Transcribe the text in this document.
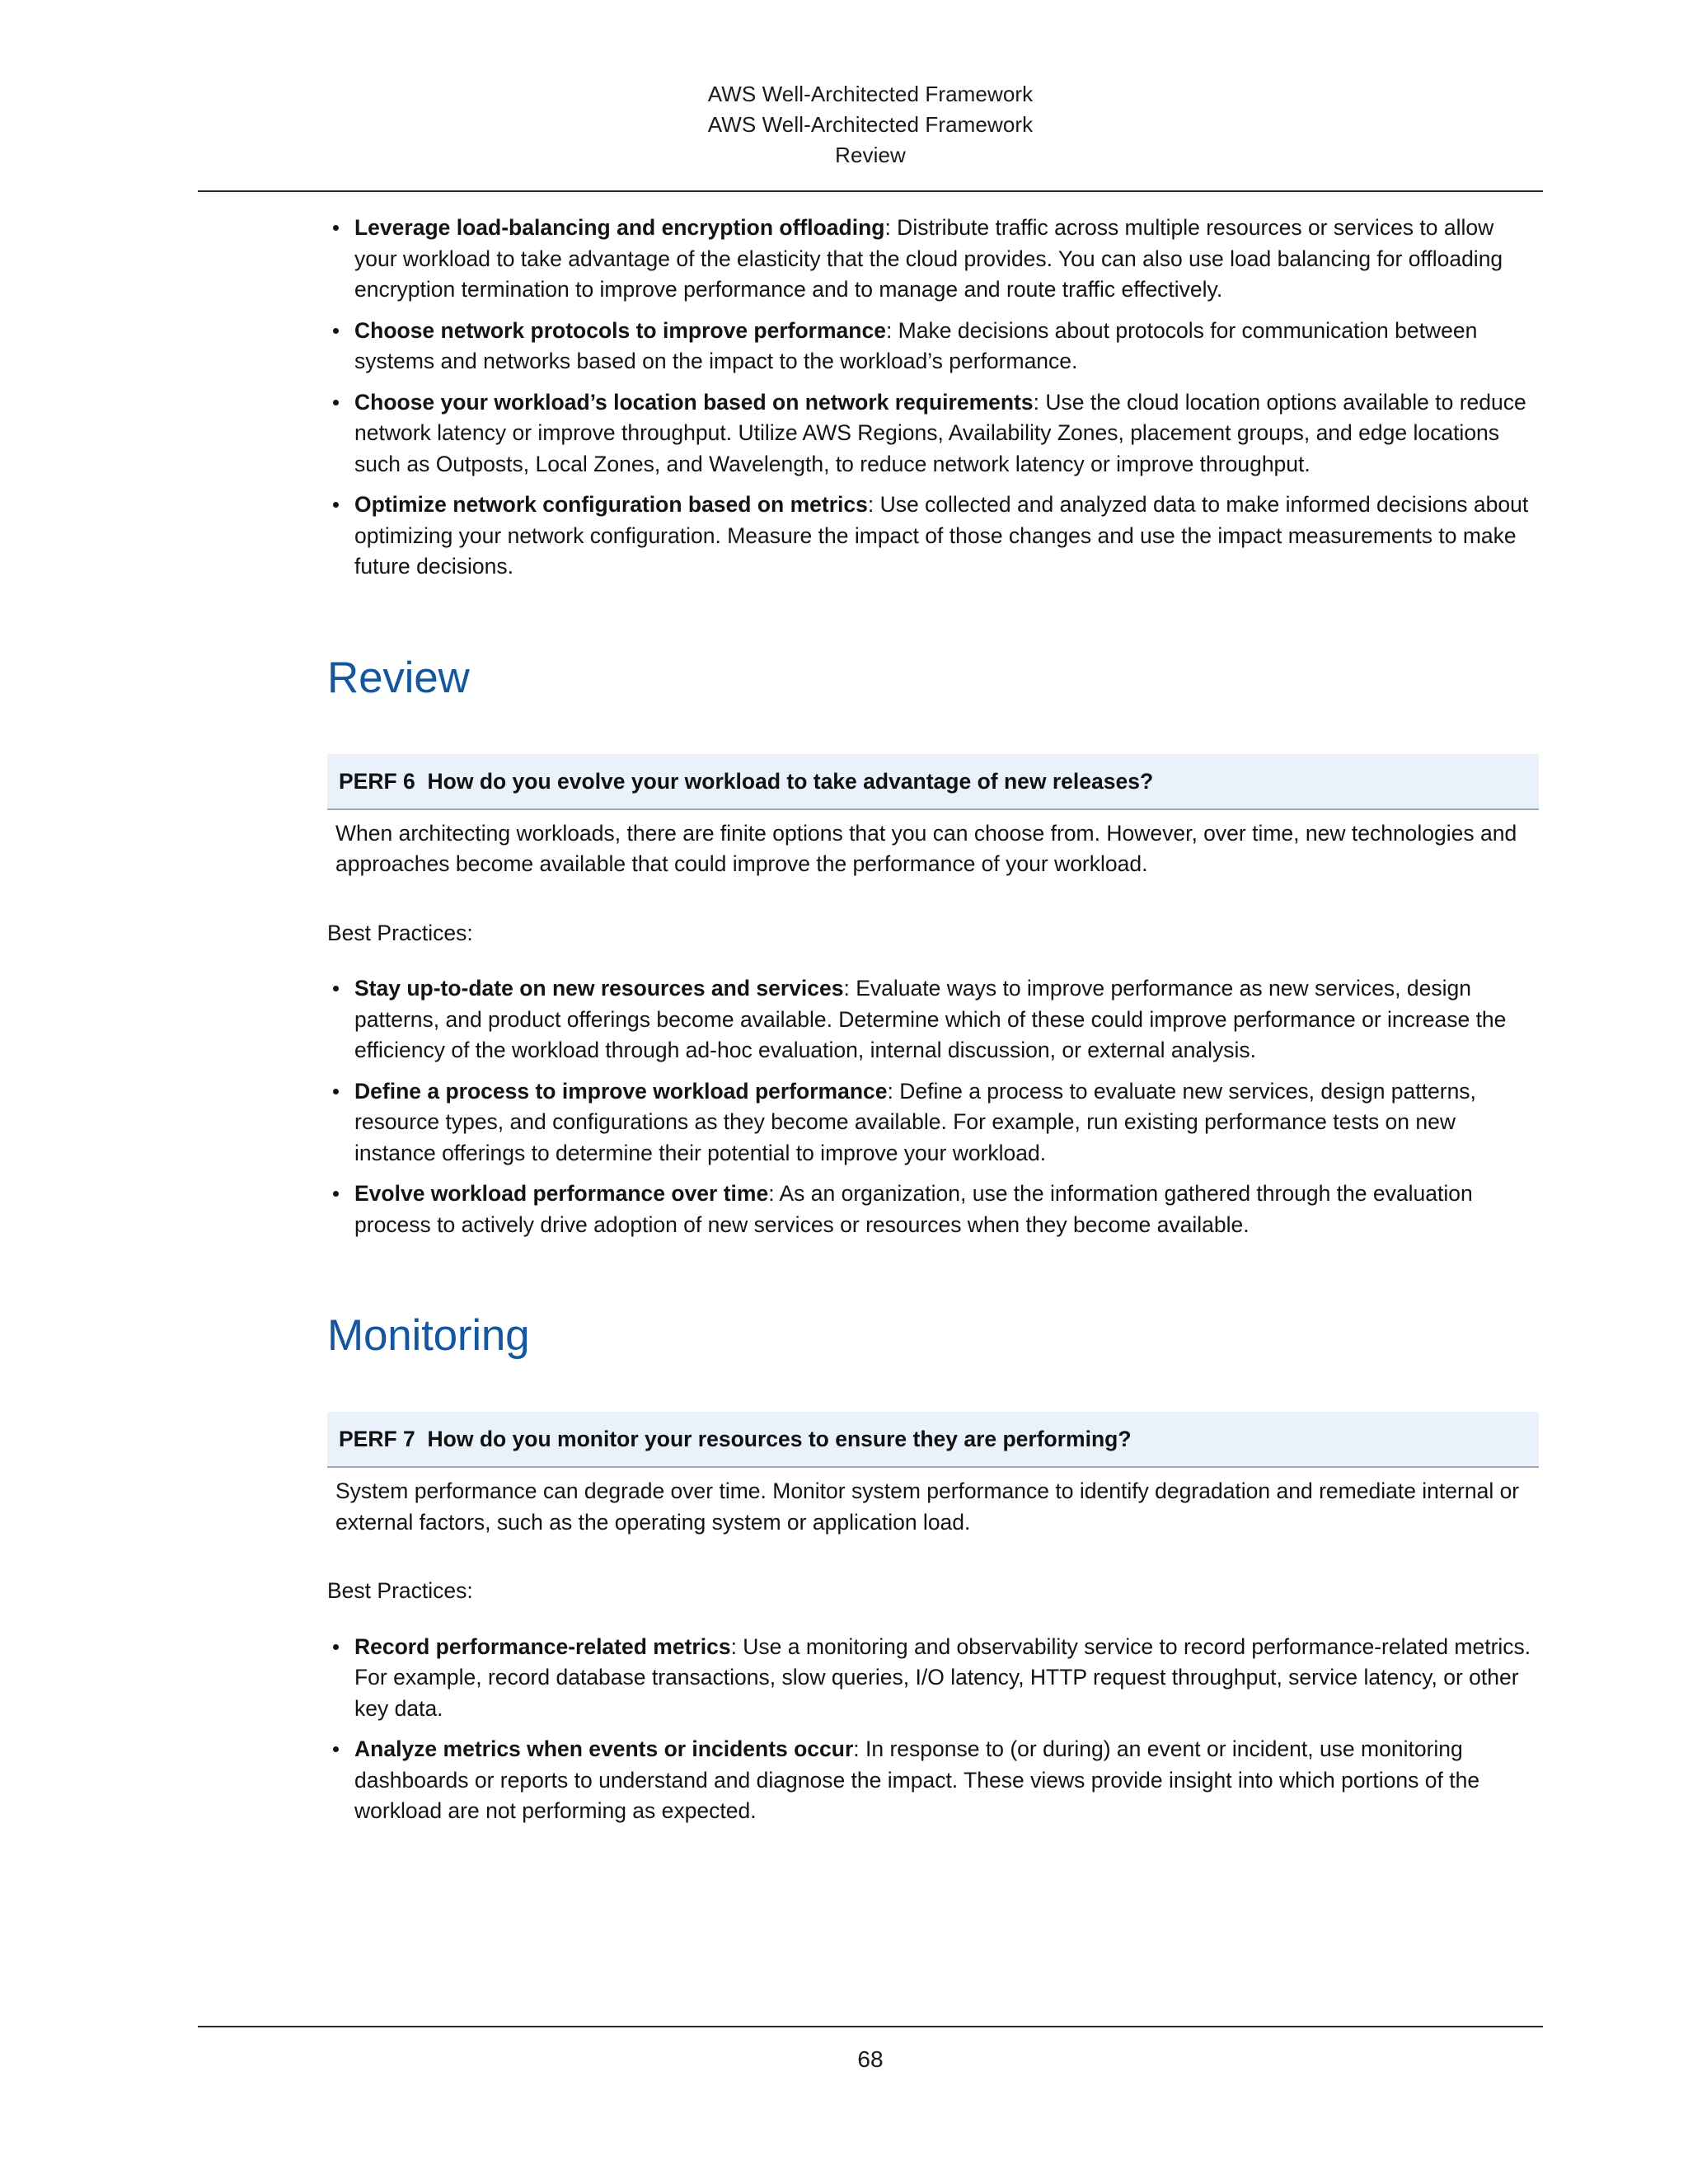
AWS Well-Architected Framework
AWS Well-Architected Framework
Review
Leverage load-balancing and encryption offloading: Distribute traffic across multiple resources or services to allow your workload to take advantage of the elasticity that the cloud provides. You can also use load balancing for offloading encryption termination to improve performance and to manage and route traffic effectively.
Choose network protocols to improve performance: Make decisions about protocols for communication between systems and networks based on the impact to the workload’s performance.
Choose your workload’s location based on network requirements: Use the cloud location options available to reduce network latency or improve throughput. Utilize AWS Regions, Availability Zones, placement groups, and edge locations such as Outposts, Local Zones, and Wavelength, to reduce network latency or improve throughput.
Optimize network configuration based on metrics: Use collected and analyzed data to make informed decisions about optimizing your network configuration. Measure the impact of those changes and use the impact measurements to make future decisions.
Review
PERF 6 How do you evolve your workload to take advantage of new releases?

When architecting workloads, there are finite options that you can choose from. However, over time, new technologies and approaches become available that could improve the performance of your workload.

Best Practices:

Stay up-to-date on new resources and services: Evaluate ways to improve performance as new services, design patterns, and product offerings become available. Determine which of these could improve performance or increase the efficiency of the workload through ad-hoc evaluation, internal discussion, or external analysis.
Define a process to improve workload performance: Define a process to evaluate new services, design patterns, resource types, and configurations as they become available. For example, run existing performance tests on new instance offerings to determine their potential to improve your workload.
Evolve workload performance over time: As an organization, use the information gathered through the evaluation process to actively drive adoption of new services or resources when they become available.
Monitoring
PERF 7 How do you monitor your resources to ensure they are performing?

System performance can degrade over time. Monitor system performance to identify degradation and remediate internal or external factors, such as the operating system or application load.

Best Practices:

Record performance-related metrics: Use a monitoring and observability service to record performance-related metrics. For example, record database transactions, slow queries, I/O latency, HTTP request throughput, service latency, or other key data.
Analyze metrics when events or incidents occur: In response to (or during) an event or incident, use monitoring dashboards or reports to understand and diagnose the impact. These views provide insight into which portions of the workload are not performing as expected.
68
